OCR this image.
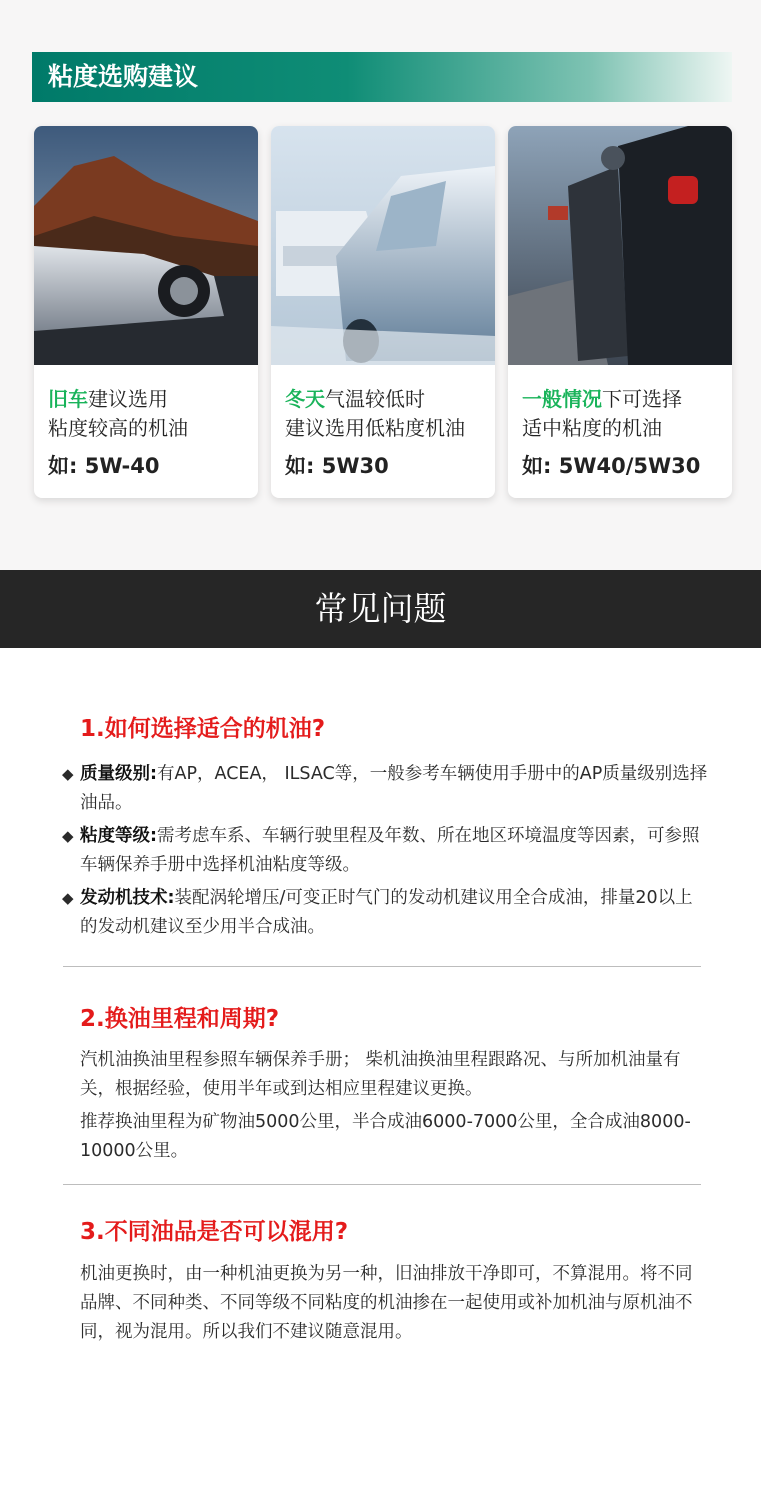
粘度选购建议
旧车建议选用
粘度较高的机油
如: 5W-40
冬天气温较低时
建议选用低粘度机油
如: 5W30
一般情况下可选择
适中粘度的机油
如: 5W40/5W30
常见问题
1.如何选择适合的机油?
◆ 质量级别:有AP，ACEA， ILSAC等，一般参考车辆使用手册中的AP质量级别选择油品。
◆ 粘度等级:需考虑车系、车辆行驶里程及年数、所在地区环境温度等因素，可参照车辆保养手册中选择机油粘度等级。
◆ 发动机技术:装配涡轮增压/可变正时气门的发动机建议用全合成油，排量20以上的发动机建议至少用半合成油。
2.换油里程和周期?
汽机油换油里程参照车辆保养手册； 柴机油换油里程跟路况、与所加机油量有关，根据经验，使用半年或到达相应里程建议更换。
推荐换油里程为矿物油5000公里，半合成油6000-7000公里，全合成油8000-10000公里。
3.不同油品是否可以混用?
机油更换时，由一种机油更换为另一种，旧油排放干净即可，不算混用。将不同品牌、不同种类、不同等级不同粘度的机油掺在一起使用或补加机油与原机油不同，视为混用。所以我们不建议随意混用。
